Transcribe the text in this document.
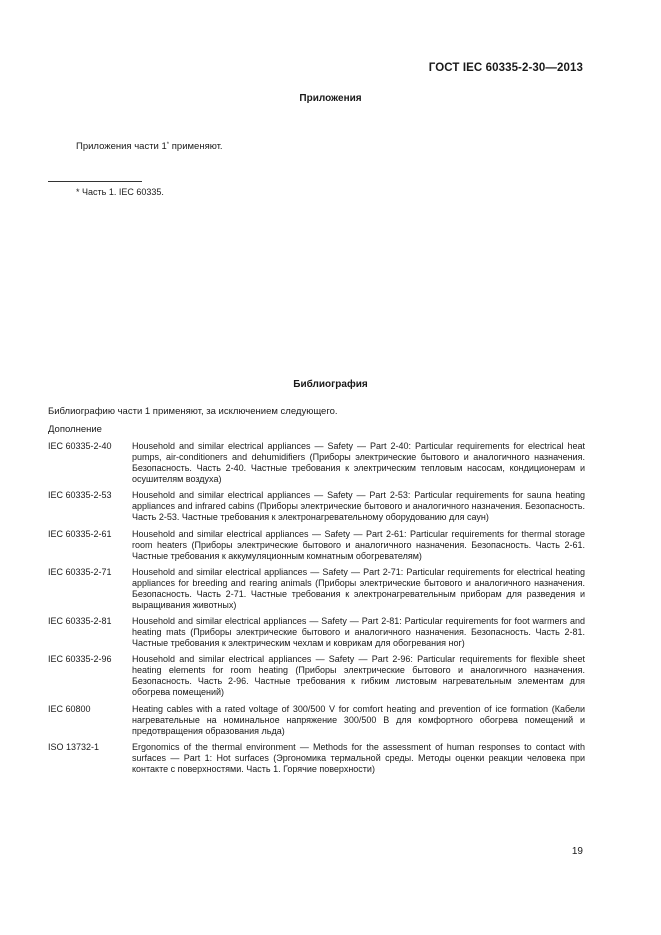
ГОСТ IEC 60335-2-30—2013
Приложения
Приложения части 1* применяют.
* Часть 1. IEC 60335.
Библиография
Библиографию части 1 применяют, за исключением следующего.
Дополнение
IEC 60335-2-40	Household and similar electrical appliances — Safety — Part 2-40: Particular requirements for electrical heat pumps, air-conditioners and dehumidifiers (Приборы электрические бытового и аналогичного назначения. Безопасность. Часть 2-40. Частные требования к электрическим тепловым насосам, кондиционерам и осушителям воздуха)
IEC 60335-2-53	Household and similar electrical appliances — Safety — Part 2-53: Particular requirements for sauna heating appliances and infrared cabins (Приборы электрические бытового и аналогичного назначения. Безопасность. Часть 2-53. Частные требования к электронагревательному оборудованию для саун)
IEC 60335-2-61	Household and similar electrical appliances — Safety — Part 2-61: Particular requirements for thermal storage room heaters (Приборы электрические бытового и аналогичного назначения. Безопасность. Часть 2-61. Частные требования к аккумуляционным комнатным обогревателям)
IEC 60335-2-71	Household and similar electrical appliances — Safety — Part 2-71: Particular requirements for electrical heating appliances for breeding and rearing animals (Приборы электрические бытового и аналогичного назначения. Безопасность. Часть 2-71. Частные требования к электронагревательным приборам для разведения и выращивания животных)
IEC 60335-2-81	Household and similar electrical appliances — Safety — Part 2-81: Particular requirements for foot warmers and heating mats (Приборы электрические бытового и аналогичного назначения. Безопасность. Часть 2-81. Частные требования к электрическим чехлам и коврикам для обогревания ног)
IEC 60335-2-96	Household and similar electrical appliances — Safety — Part 2-96: Particular requirements for flexible sheet heating elements for room heating (Приборы электрические бытового и аналогичного назначения. Безопасность. Часть 2-96. Частные требования к гибким листовым нагревательным элементам для обогрева помещений)
IEC 60800	Heating cables with a rated voltage of 300/500 V for comfort heating and prevention of ice formation (Кабели нагревательные на номинальное напряжение 300/500 В для комфортного обогрева помещений и предотвращения образования льда)
ISO 13732-1	Ergonomics of the thermal environment — Methods for the assessment of human responses to contact with surfaces — Part 1: Hot surfaces (Эргономика термальной среды. Методы оценки реакции человека при контакте с поверхностями. Часть 1. Горячие поверхности)
19
